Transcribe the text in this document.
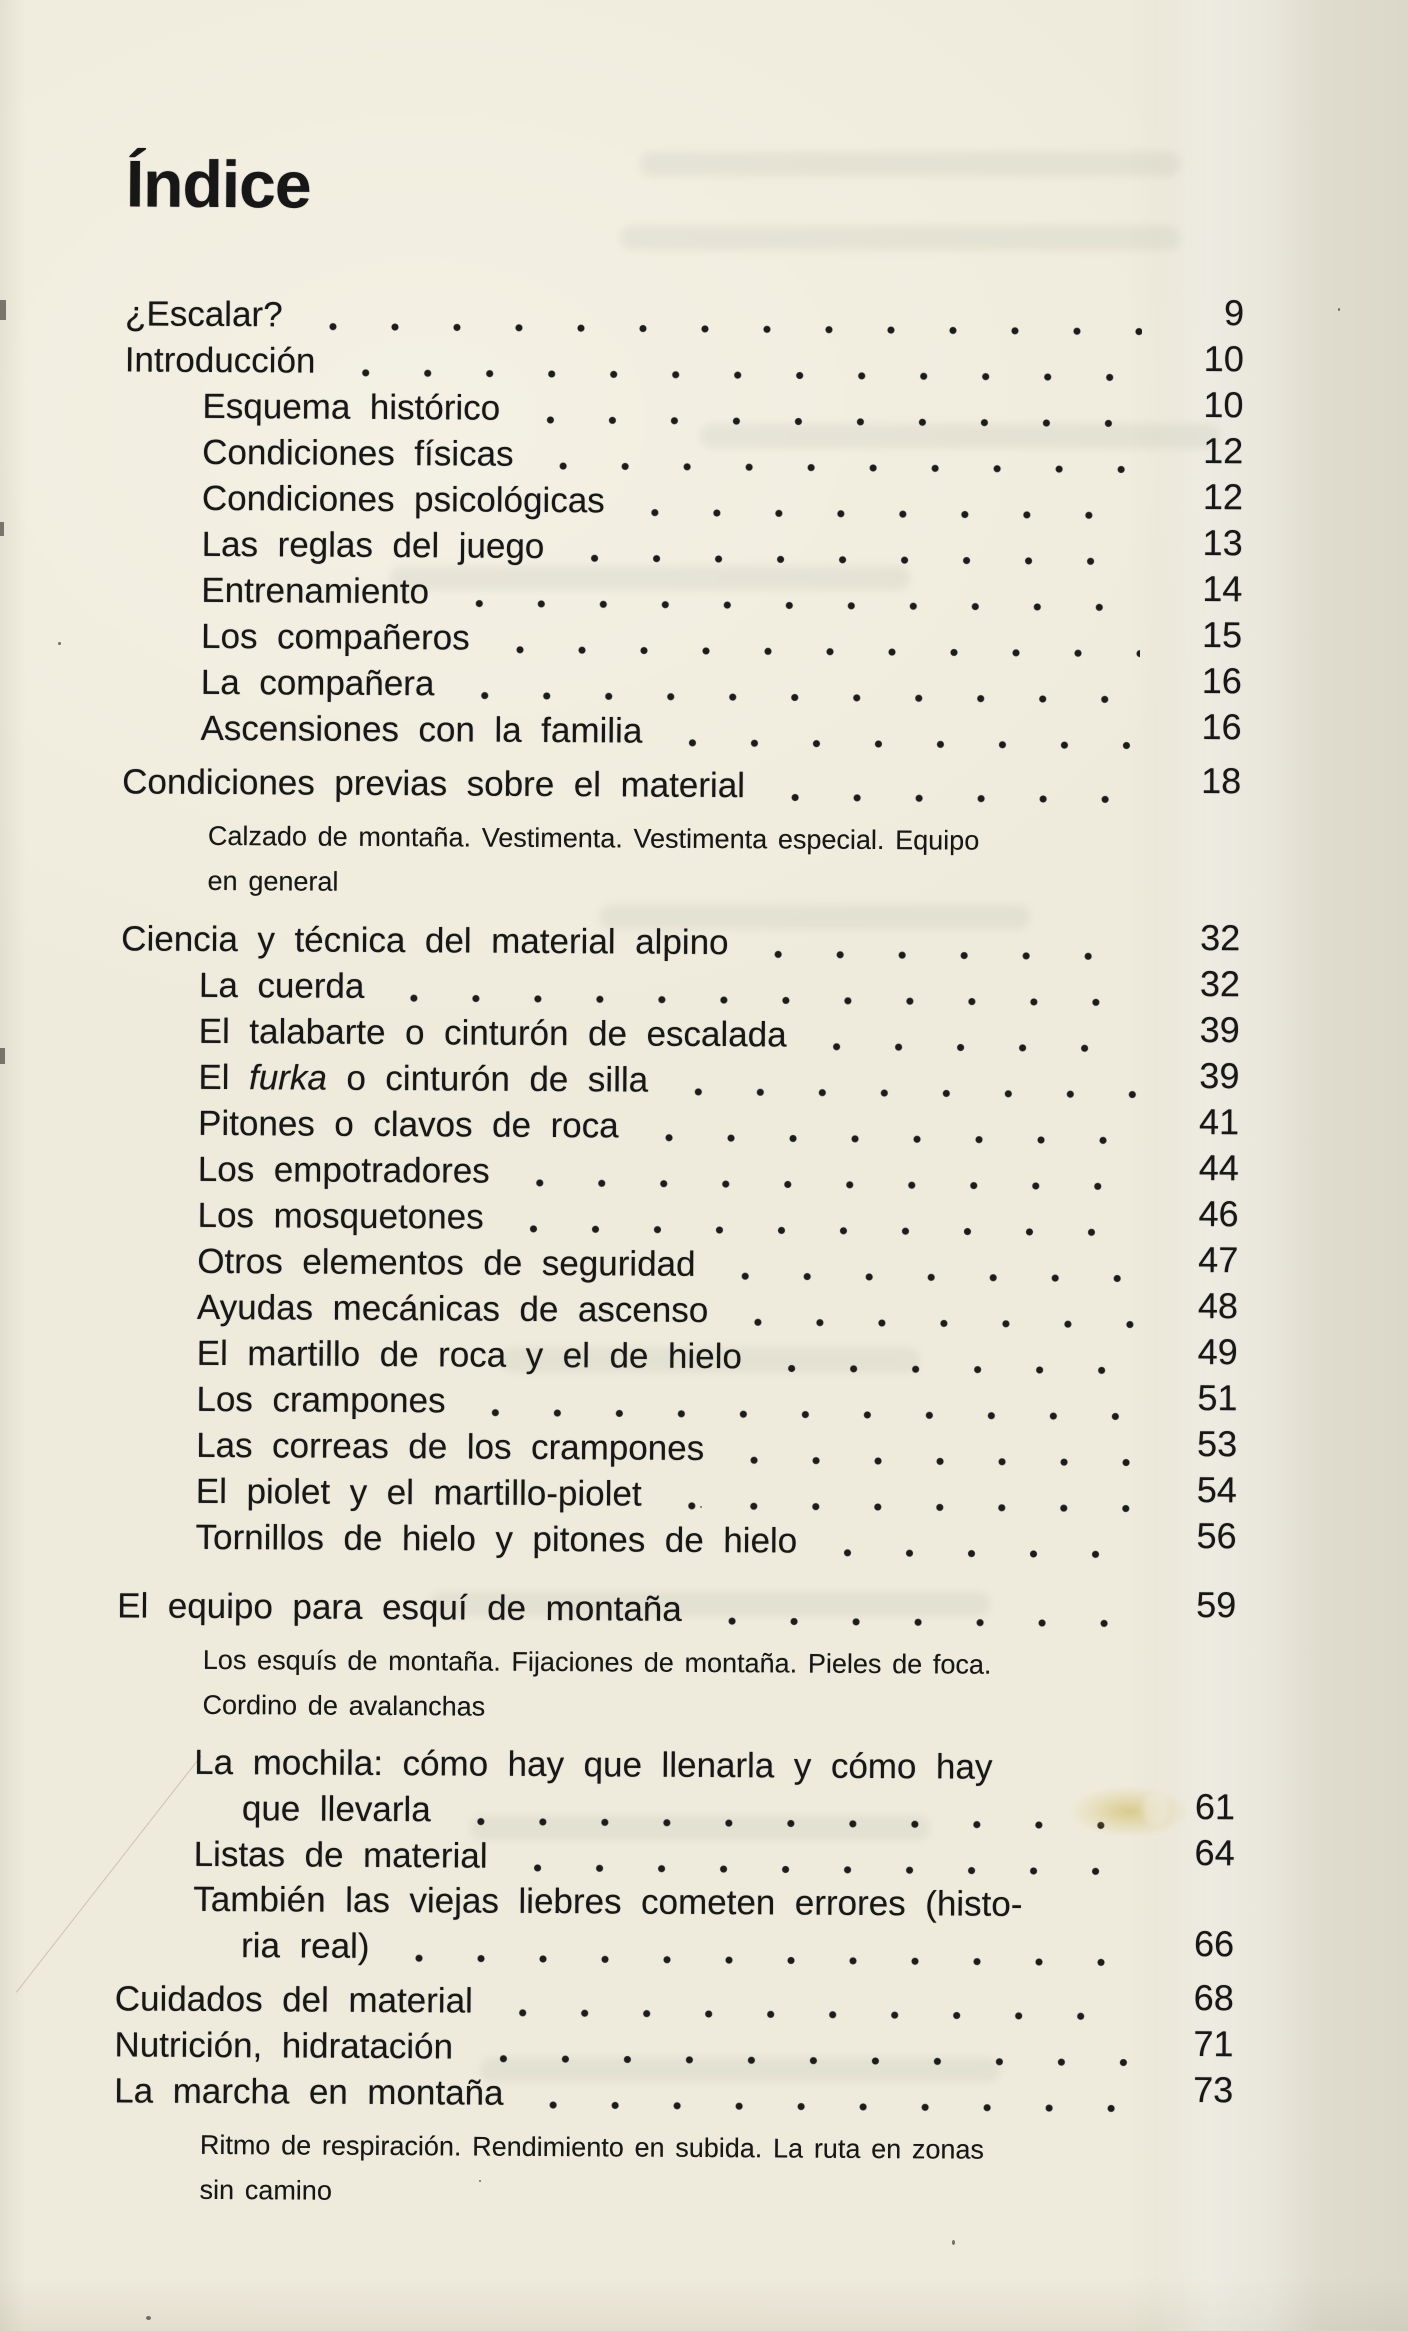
Índice
¿Escalar?	9
Introducción	10
Esquema histórico	10
Condiciones físicas	12
Condiciones psicológicas	12
Las reglas del juego	13
Entrenamiento	14
Los compañeros	15
La compañera	16
Ascensiones con la familia	16
Condiciones previas sobre el material	18
Calzado de montaña. Vestimenta. Vestimenta especial. Equipo
en general
Ciencia y técnica del material alpino	32
La cuerda	32
El talabarte o cinturón de escalada	39
El furka o cinturón de silla	39
Pitones o clavos de roca	41
Los empotradores	44
Los mosquetones	46
Otros elementos de seguridad	47
Ayudas mecánicas de ascenso	48
El martillo de roca y el de hielo	49
Los crampones	51
Las correas de los crampones	53
El piolet y el martillo-piolet	54
Tornillos de hielo y pitones de hielo	56
El equipo para esquí de montaña	59
Los esquís de montaña. Fijaciones de montaña. Pieles de foca.
Cordino de avalanchas
La mochila: cómo hay que llenarla y cómo hay
que llevarla	61
Listas de material	64
También las viejas liebres cometen errores (histo-
ria real)	66
Cuidados del material	68
Nutrición, hidratación	71
La marcha en montaña	73
Ritmo de respiración. Rendimiento en subida. La ruta en zonas
sin camino
